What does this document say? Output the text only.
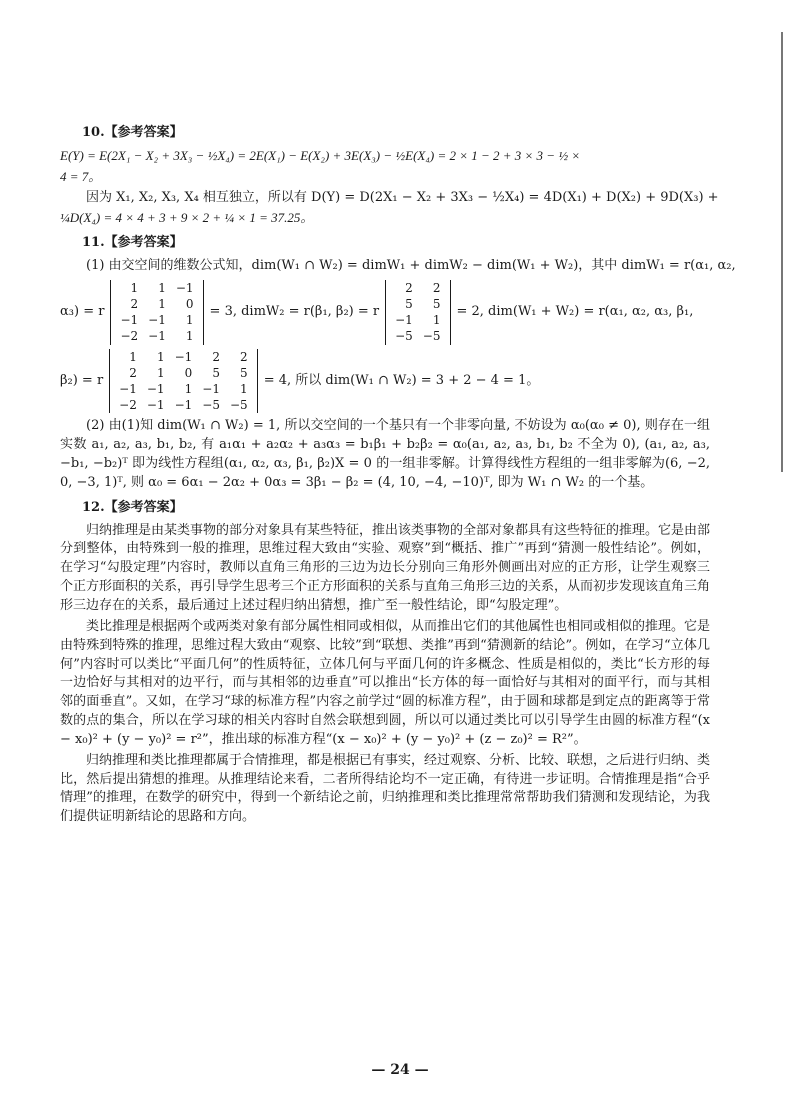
10.【参考答案】
E(Y) = E(2X₁ − X₂ + 3X₃ − ½X₄) = 2E(X₁) − E(X₂) + 3E(X₃) − ½E(X₄) = 2 × 1 − 2 + 3 × 3 − ½ ×
4 = 7。
因为 X₁, X₂, X₃, X₄ 相互独立，所以有 D(Y) = D(2X₁ − X₂ + 3X₃ − ½X₄) = 4D(X₁) + D(X₂) + 9D(X₃) +
¼D(X₄) = 4 × 4 + 3 + 9 × 2 + ¼ × 1 = 37.25。
11.【参考答案】

(1) 由交空间的维数公式知，dim(W₁ ∩ W₂) = dimW₁ + dimW₂ − dim(W₁ + W₂)，其中 dimW₁ = r(α₁, α₂,

α₃) = r
1	1	−1
2	1	0
−1	−1	1
−2	−1	1
= 3, dimW₂ = r(β₁, β₂) = r
2	2
5	5
−1	1
−5	−5
= 2, dim(W₁ + W₂) = r(α₁, α₂, α₃, β₁,
β₂) = r
1	1	−1	2	2
2	1	0	5	5
−1	−1	1	−1	1
−2	−1	−1	−5	−5
= 4, 所以 dim(W₁ ∩ W₂) = 3 + 2 − 4 = 1。

(2) 由(1)知 dim(W₁ ∩ W₂) = 1, 所以交空间的一个基只有一个非零向量, 不妨设为 α₀(α₀ ≠ 0), 则存在一组实数 a₁, a₂, a₃, b₁, b₂, 有 a₁α₁ + a₂α₂ + a₃α₃ = b₁β₁ + b₂β₂ = α₀(a₁, a₂, a₃, b₁, b₂ 不全为 0), (a₁, a₂, a₃, −b₁, −b₂)ᵀ 即为线性方程组(α₁, α₂, α₃, β₁, β₂)X = 0 的一组非零解。计算得线性方程组的一组非零解为(6, −2, 0, −3, 1)ᵀ, 则 α₀ = 6α₁ − 2α₂ + 0α₃ = 3β₁ − β₂ = (4, 10, −4, −10)ᵀ, 即为 W₁ ∩ W₂ 的一个基。

12.【参考答案】

归纳推理是由某类事物的部分对象具有某些特征，推出该类事物的全部对象都具有这些特征的推理。它是由部分到整体，由特殊到一般的推理，思维过程大致由“实验、观察”到“概括、推广”再到“猜测一般性结论”。例如，在学习“勾股定理”内容时，教师以直角三角形的三边为边长分别向三角形外侧画出对应的正方形，让学生观察三个正方形面积的关系，再引导学生思考三个正方形面积的关系与直角三角形三边的关系，从而初步发现该直角三角形三边存在的关系，最后通过上述过程归纳出猜想，推广至一般性结论，即“勾股定理”。

类比推理是根据两个或两类对象有部分属性相同或相似，从而推出它们的其他属性也相同或相似的推理。它是由特殊到特殊的推理，思维过程大致由“观察、比较”到“联想、类推”再到“猜测新的结论”。例如，在学习“立体几何”内容时可以类比“平面几何”的性质特征，立体几何与平面几何的许多概念、性质是相似的，类比“长方形的每一边恰好与其相对的边平行，而与其相邻的边垂直”可以推出“长方体的每一面恰好与其相对的面平行，而与其相邻的面垂直”。又如，在学习“球的标准方程”内容之前学过“圆的标准方程”，由于圆和球都是到定点的距离等于常数的点的集合，所以在学习球的相关内容时自然会联想到圆，所以可以通过类比可以引导学生由圆的标准方程“(x − x₀)² + (y − y₀)² = r²”，推出球的标准方程“(x − x₀)² + (y − y₀)² + (z − z₀)² = R²”。

归纳推理和类比推理都属于合情推理，都是根据已有事实，经过观察、分析、比较、联想，之后进行归纳、类比，然后提出猜想的推理。从推理结论来看，二者所得结论均不一定正确，有待进一步证明。合情推理是指“合乎情理”的推理，在数学的研究中，得到一个新结论之前，归纳推理和类比推理常常帮助我们猜测和发现结论，为我们提供证明新结论的思路和方向。

— 24 —
